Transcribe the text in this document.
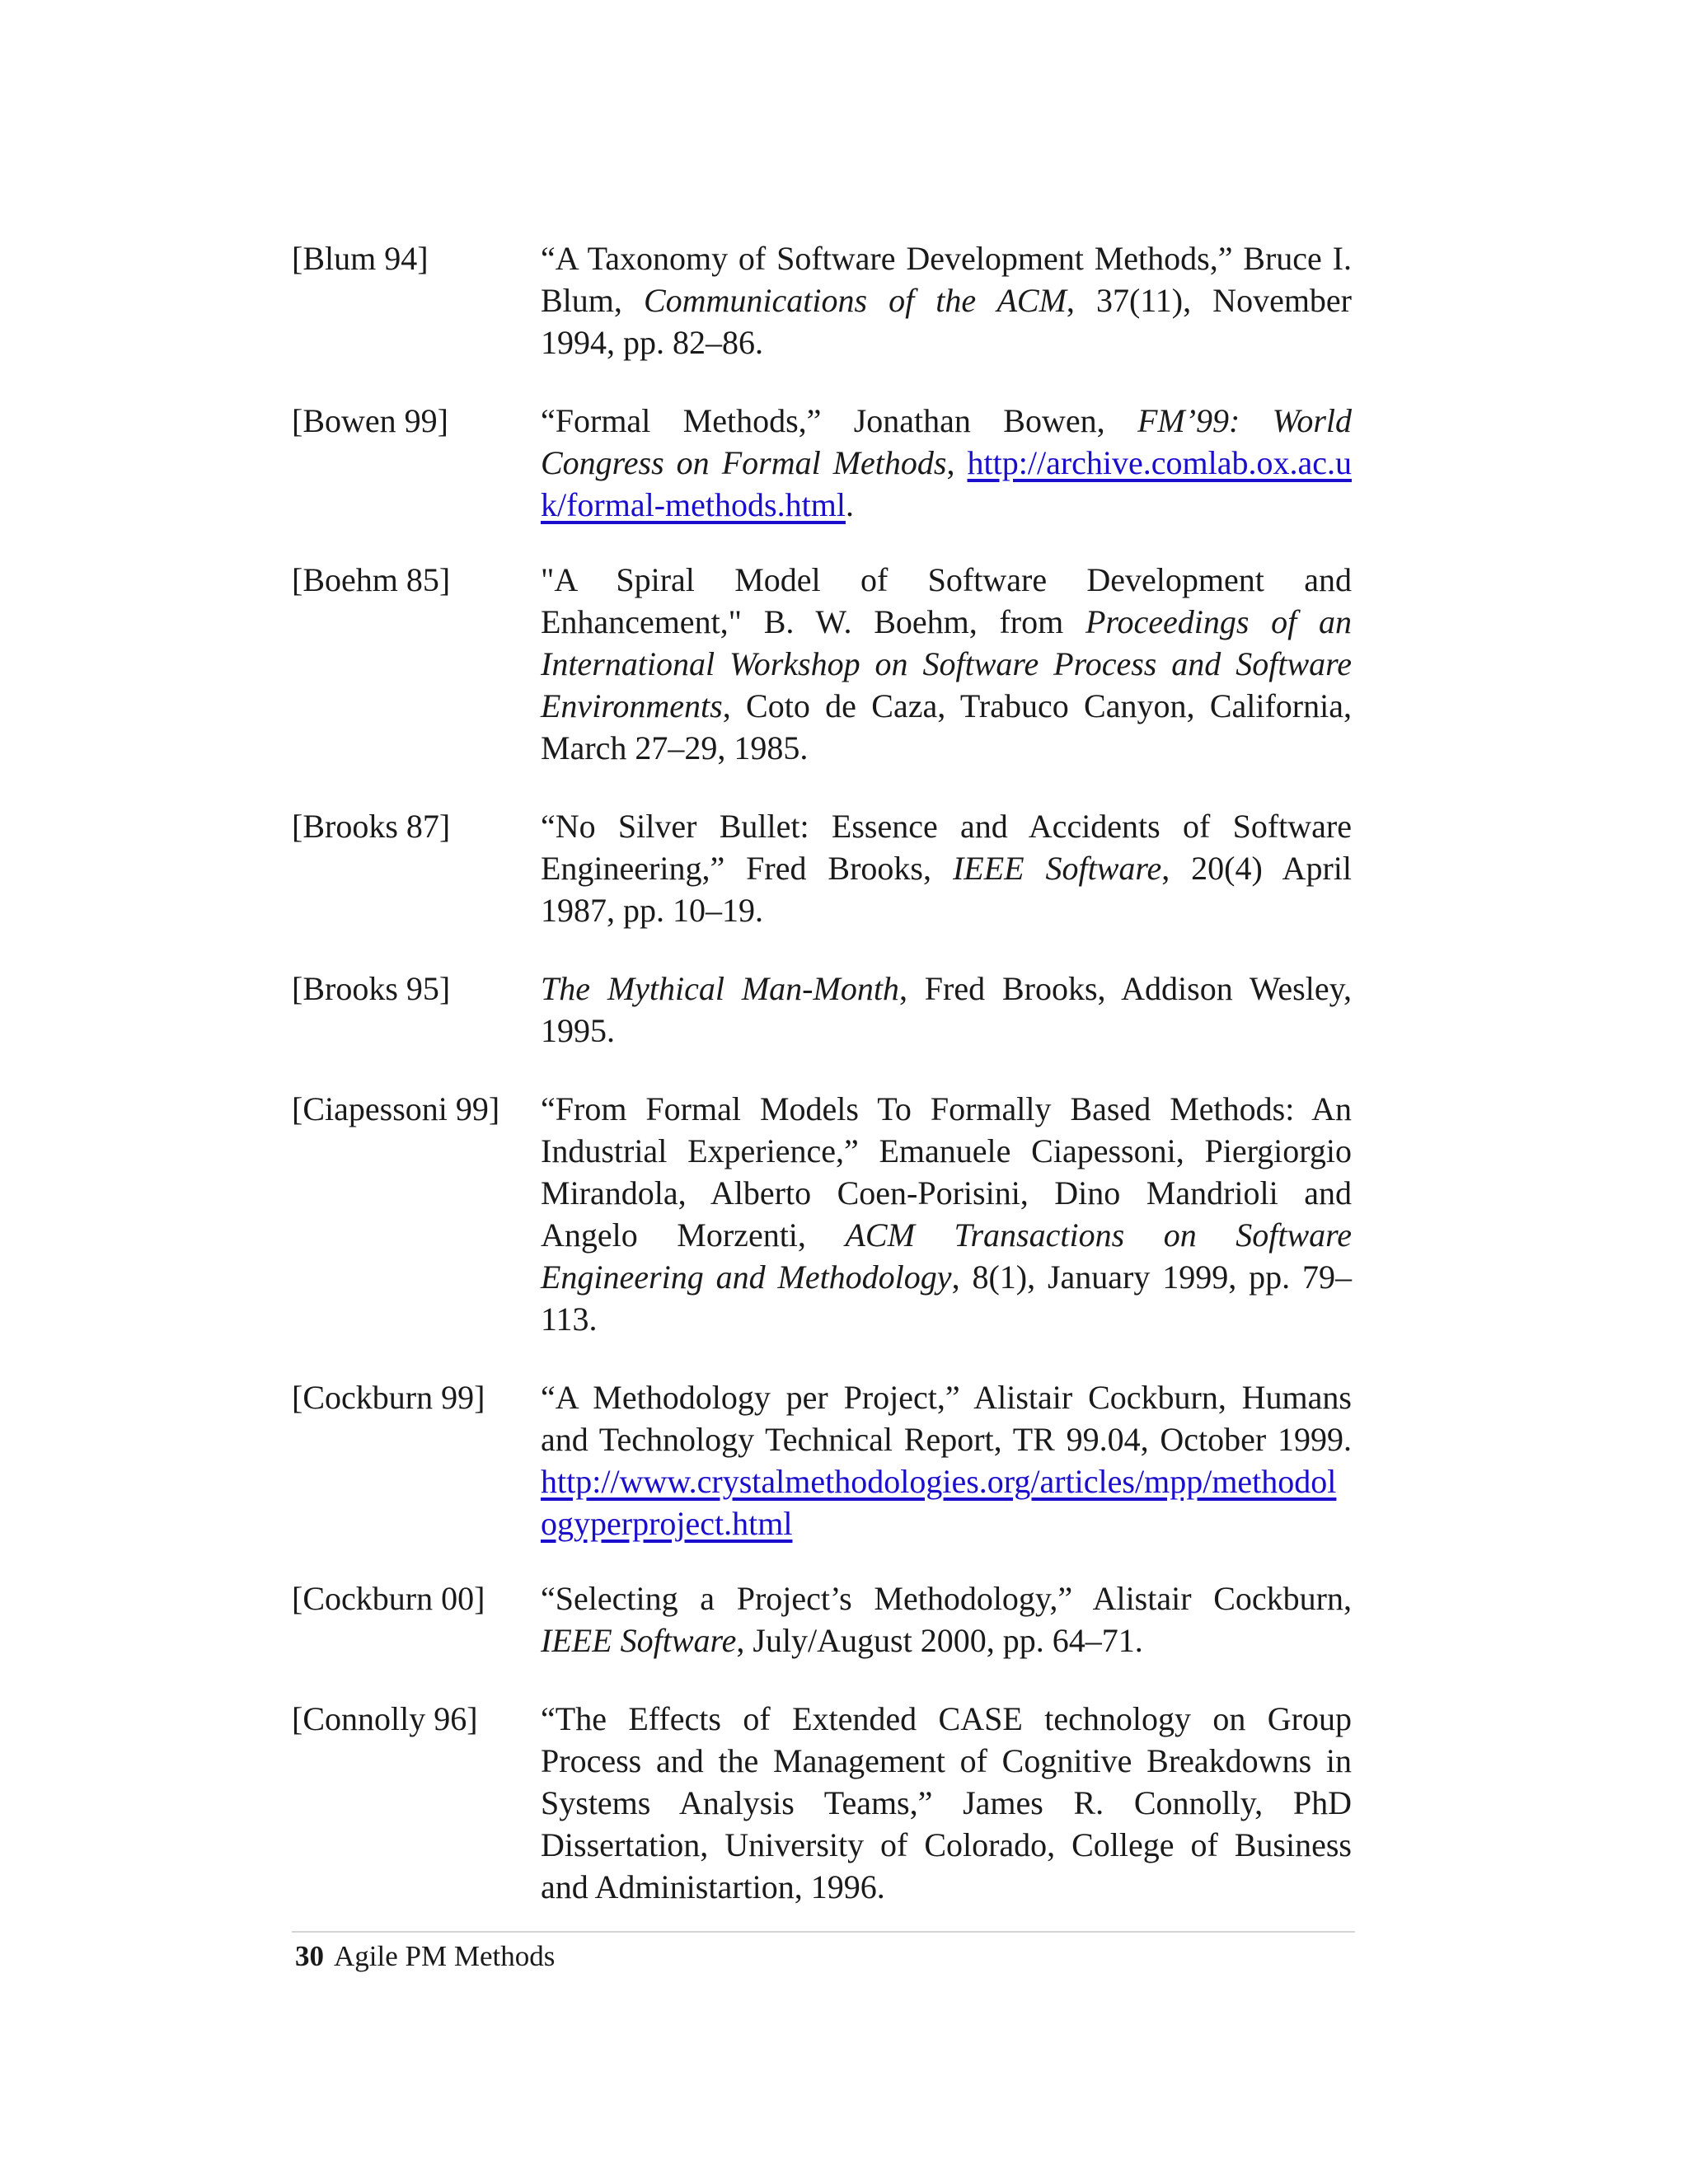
[Blum 94]	“A Taxonomy of Software Development Methods,” Bruce I. Blum, Communications of the ACM, 37(11), November 1994, pp. 82–86.
[Bowen 99]	“Formal Methods,” Jonathan Bowen, FM’99: World Congress on Formal Methods, http://archive.comlab.ox.ac.uk/formal-methods.html.
[Boehm 85]	"A Spiral Model of Software Development and Enhancement," B. W. Boehm, from Proceedings of an International Workshop on Software Process and Software Environments, Coto de Caza, Trabuco Canyon, California, March 27–29, 1985.
[Brooks 87]	“No Silver Bullet: Essence and Accidents of Software Engineering,” Fred Brooks, IEEE Software, 20(4) April 1987, pp. 10–19.
[Brooks 95]	The Mythical Man-Month, Fred Brooks, Addison Wesley, 1995.
[Ciapessoni 99]	“From Formal Models To Formally Based Methods: An Industrial Experience,” Emanuele Ciapessoni, Piergiorgio Mirandola, Alberto Coen-Porisini, Dino Mandrioli and Angelo Morzenti, ACM Transactions on Software Engineering and Methodology, 8(1), January 1999, pp. 79–113.
[Cockburn 99]	“A Methodology per Project,” Alistair Cockburn, Humans and Technology Technical Report, TR 99.04, October 1999. http://www.crystalmethodologies.org/articles/mpp/methodologyperproject.html
[Cockburn 00]	“Selecting a Project’s Methodology,” Alistair Cockburn, IEEE Software, July/August 2000, pp. 64–71.
[Connolly 96]	“The Effects of Extended CASE technology on Group Process and the Management of Cognitive Breakdowns in Systems Analysis Teams,” James R. Connolly, PhD Dissertation, University of Colorado, College of Business and Administartion, 1996.
30 Agile PM Methods
